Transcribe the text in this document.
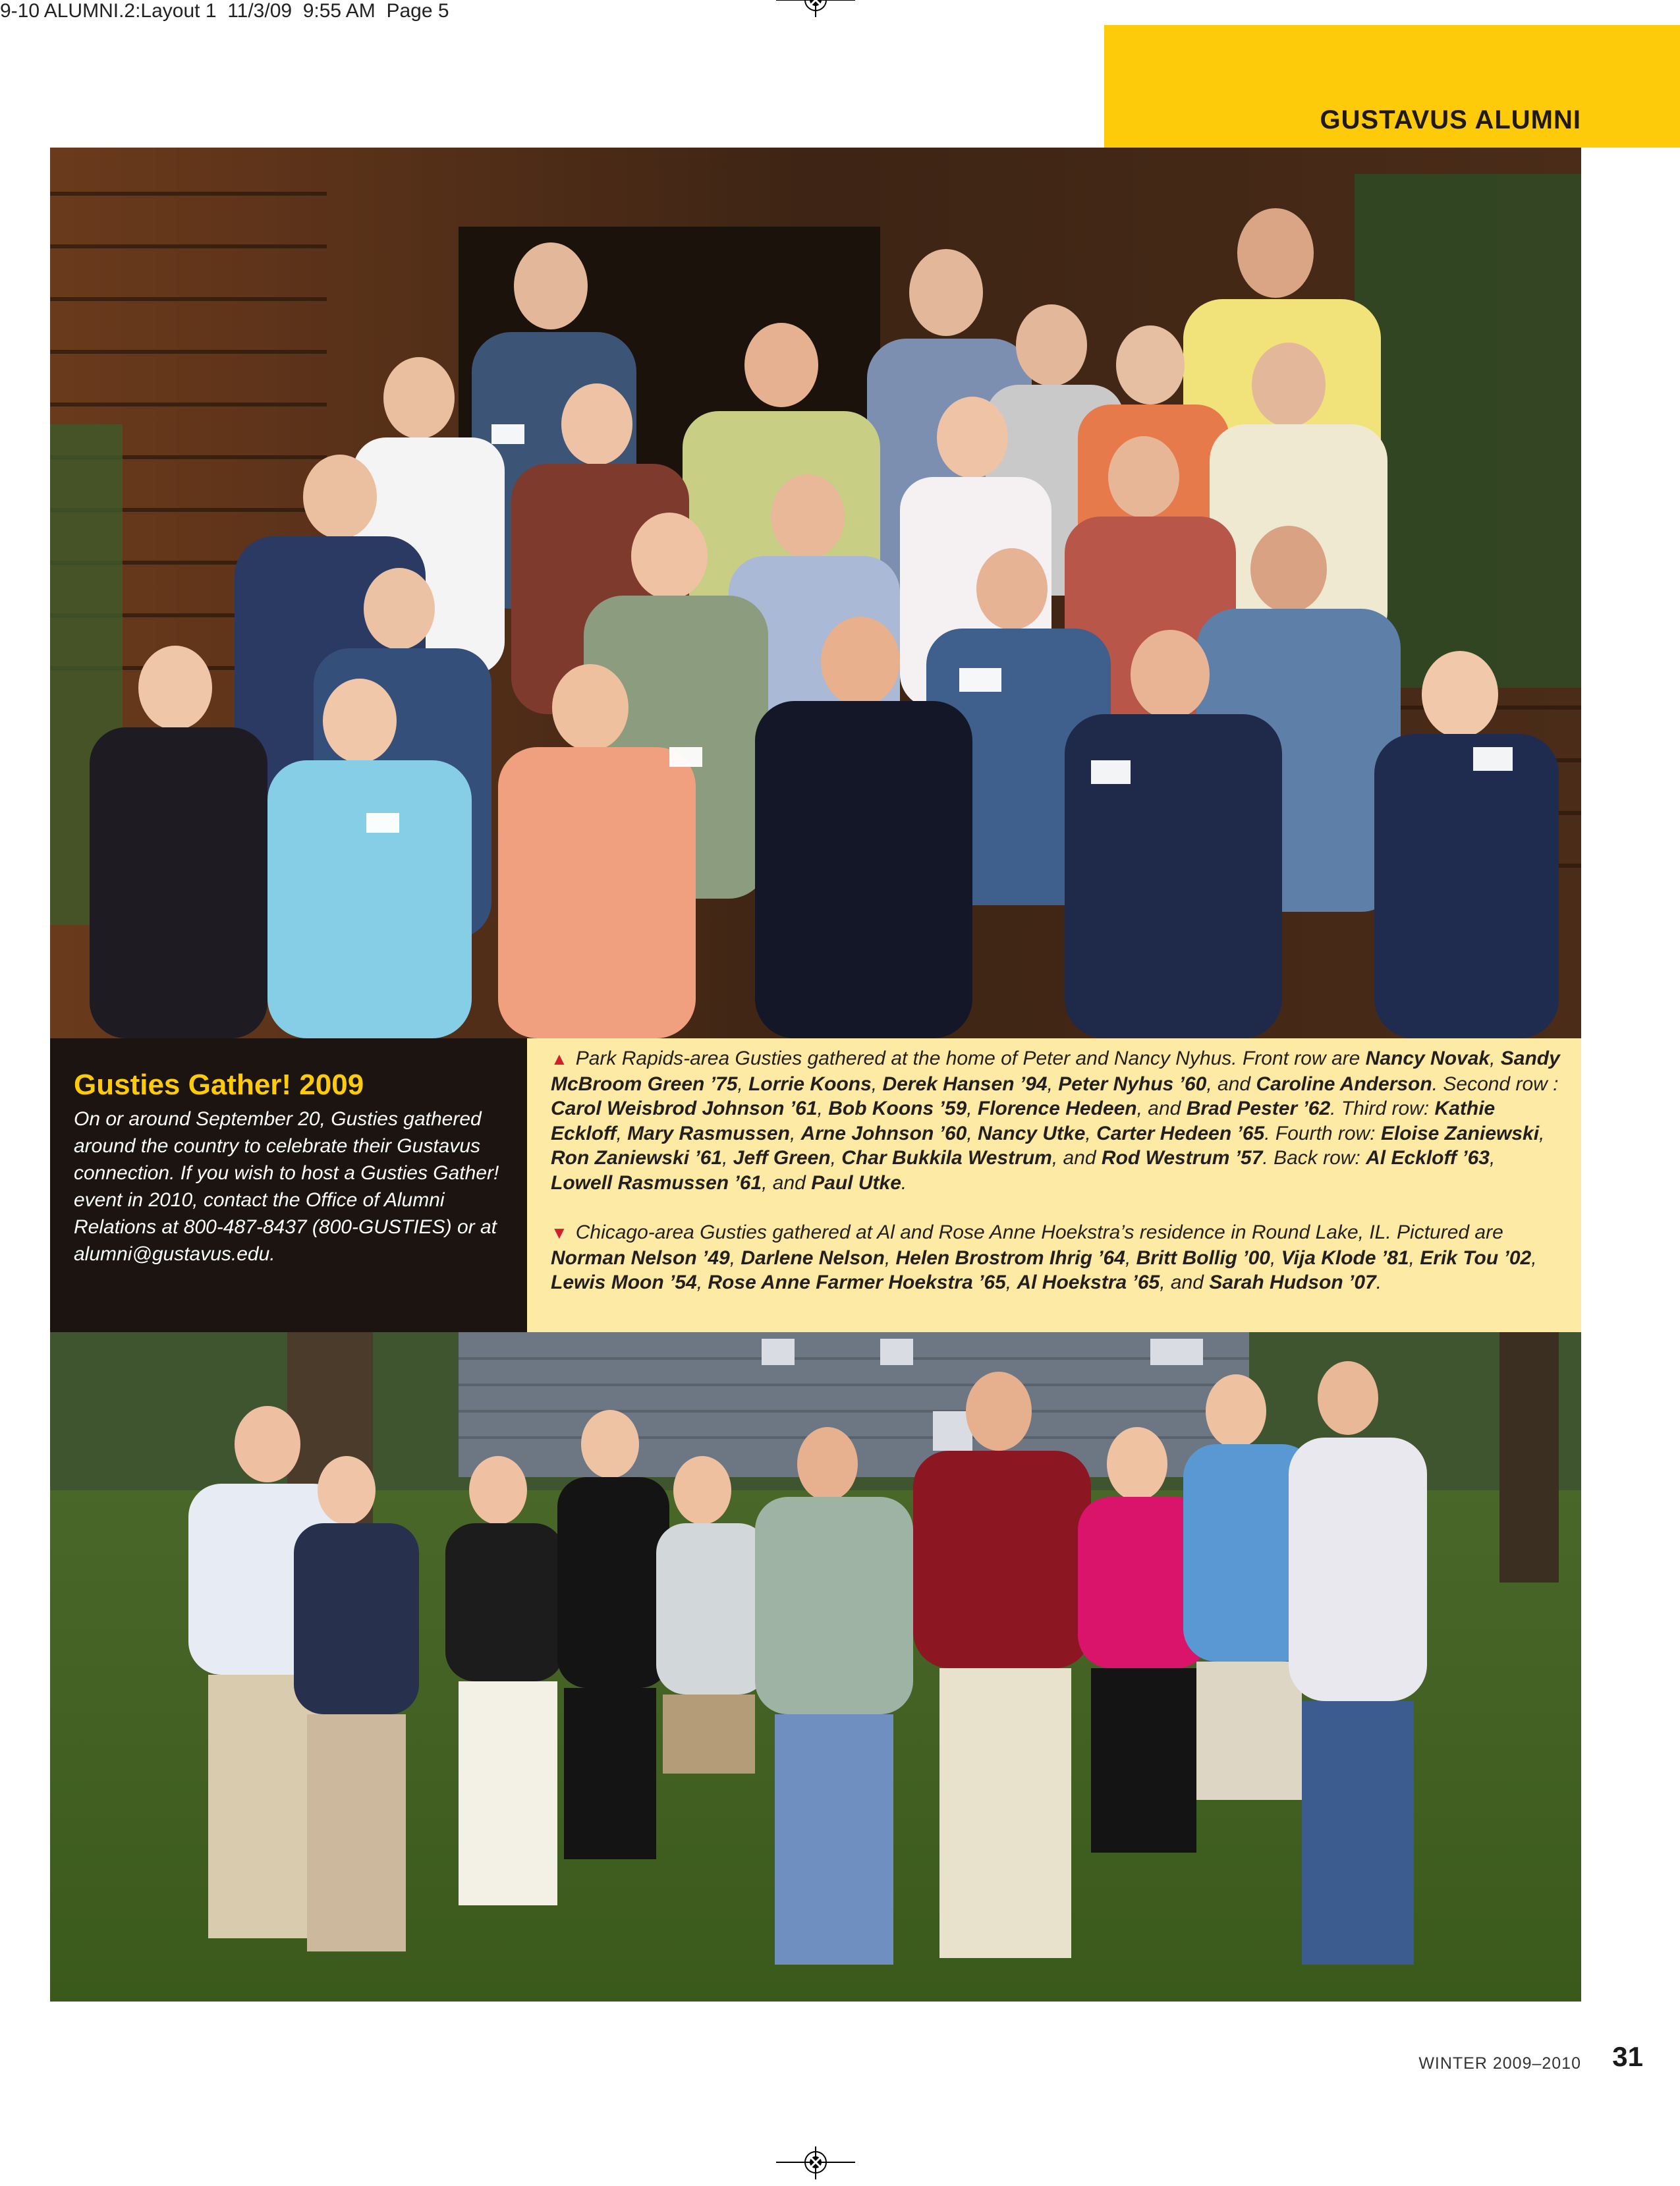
9-10 ALUMNI.2:Layout 1  11/3/09  9:55 AM  Page 5
GUSTAVUS ALUMNI
Gusties Gather! 2009

On or around September 20, Gusties gathered around the country to celebrate their Gustavus connection. If you wish to host a Gusties Gather! event in 2010, contact the Office of Alumni Relations at 800-487-8437 (800-GUSTIES) or at alumni@gustavus.edu.

▲ Park Rapids-area Gusties gathered at the home of Peter and Nancy Nyhus. Front row are Nancy Novak, Sandy McBroom Green ’75, Lorrie Koons, Derek Hansen ’94, Peter Nyhus ’60, and Caroline Anderson. Second row : Carol Weisbrod Johnson ’61, Bob Koons ’59, Florence Hedeen, and Brad Pester ’62. Third row: Kathie Eckloff, Mary Rasmussen, Arne Johnson ’60, Nancy Utke, Carter Hedeen ’65. Fourth row: Eloise Zaniewski, Ron Zaniewski ’61, Jeff Green, Char Bukkila Westrum, and Rod Westrum ’57. Back row: Al Eckloff ’63, Lowell Rasmussen ’61, and Paul Utke.

▼ Chicago-area Gusties gathered at Al and Rose Anne Hoekstra’s residence in Round Lake, IL. Pictured are Norman Nelson ’49, Darlene Nelson, Helen Brostrom Ihrig ’64, Britt Bollig ’00, Vija Klode ’81, Erik Tou ’02, Lewis Moon ’54, Rose Anne Farmer Hoekstra ’65, Al Hoekstra ’65, and Sarah Hudson ’07.

WINTER 2009–2010 31
